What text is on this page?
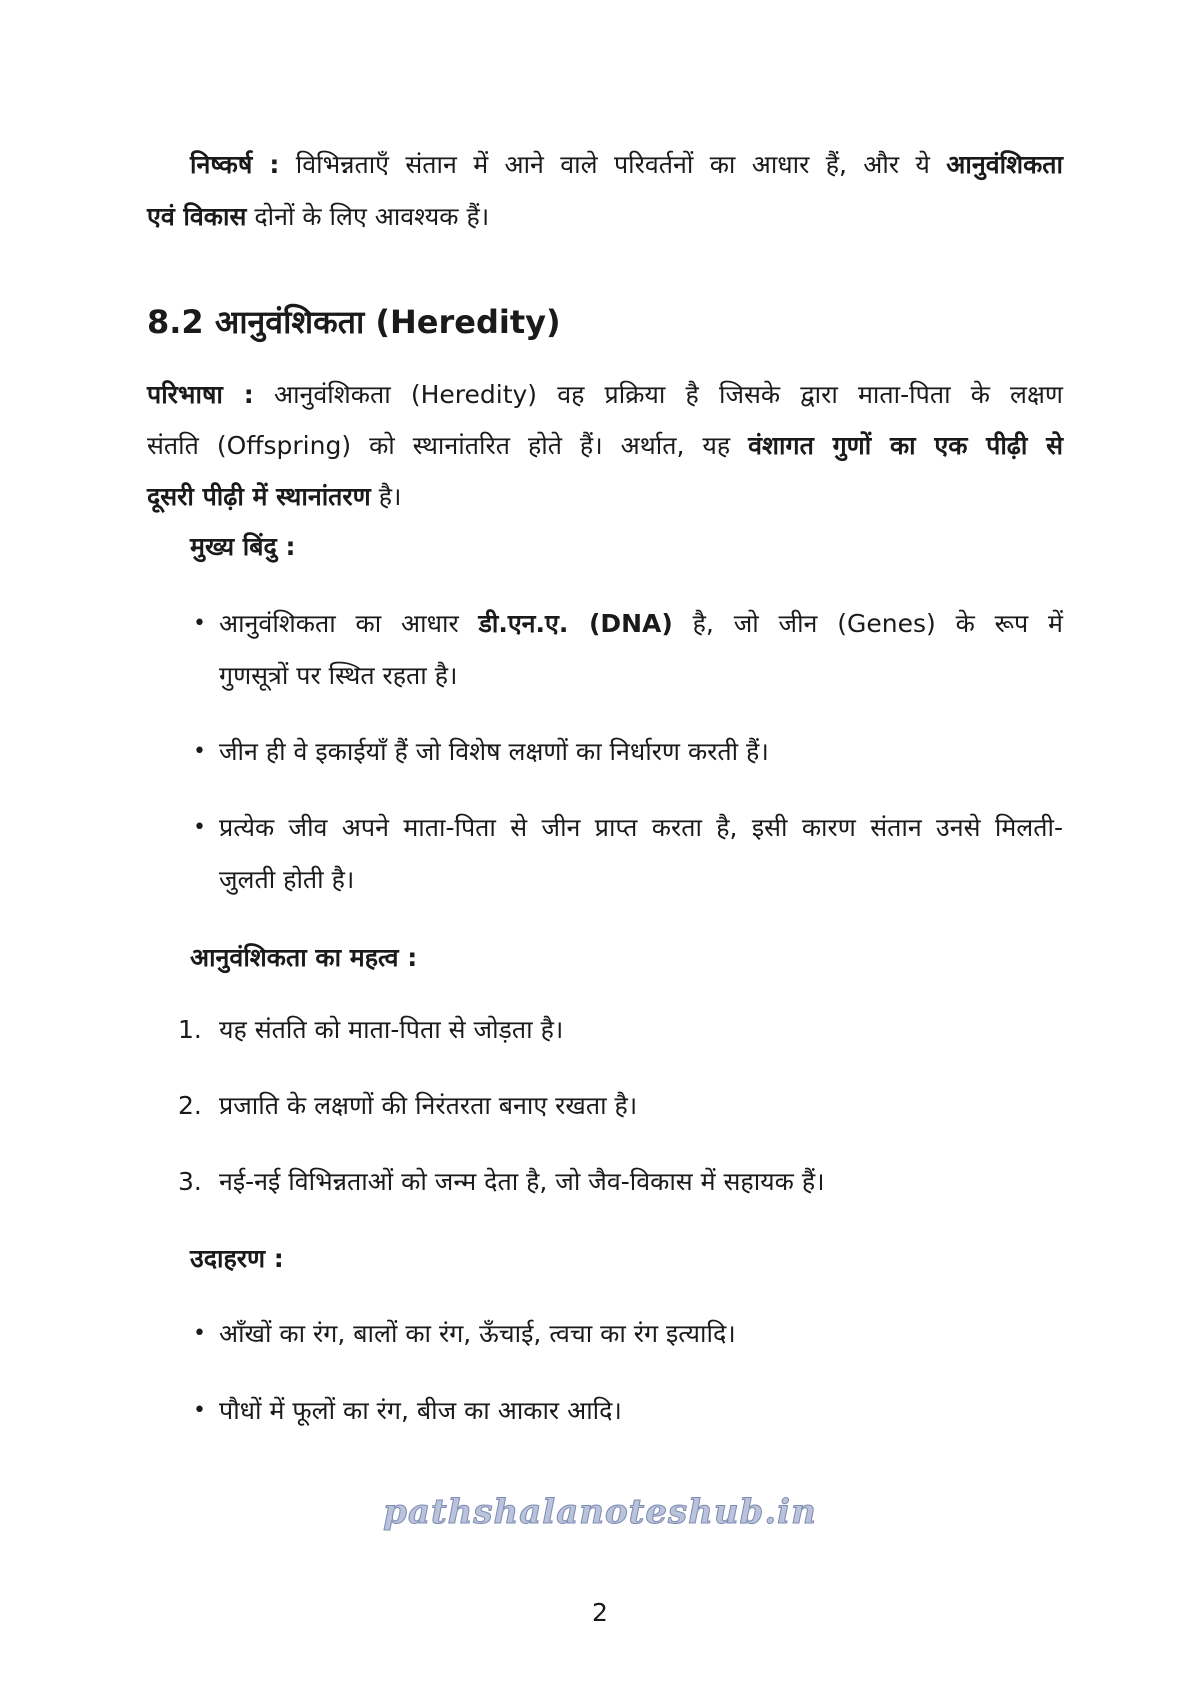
निष्कर्ष : विभिन्नताएँ संतान में आने वाले परिवर्तनों का आधार हैं, और ये आनुवंशिकता
एवं विकास दोनों के लिए आवश्यक हैं।
8.2 आनुवंशिकता (Heredity)
परिभाषा : आनुवंशिकता (Heredity) वह प्रक्रिया है जिसके द्वारा माता-पिता के लक्षण
संतति (Offspring) को स्थानांतरित होते हैं। अर्थात, यह वंशागत गुणों का एक पीढ़ी से
दूसरी पीढ़ी में स्थानांतरण है।
मुख्य बिंदु :
• आनुवंशिकता का आधार डी.एन.ए. (DNA) है, जो जीन (Genes) के रूप में
गुणसूत्रों पर स्थित रहता है।
• जीन ही वे इकाईयाँ हैं जो विशेष लक्षणों का निर्धारण करती हैं।
• प्रत्येक जीव अपने माता-पिता से जीन प्राप्त करता है, इसी कारण संतान उनसे मिलती-
जुलती होती है।
आनुवंशिकता का महत्व :
1. यह संतति को माता-पिता से जोड़ता है।
2. प्रजाति के लक्षणों की निरंतरता बनाए रखता है।
3. नई-नई विभिन्नताओं को जन्म देता है, जो जैव-विकास में सहायक हैं।
उदाहरण :
• आँखों का रंग, बालों का रंग, ऊँचाई, त्वचा का रंग इत्यादि।
• पौधों में फूलों का रंग, बीज का आकार आदि।
pathshalanoteshub.in
2
